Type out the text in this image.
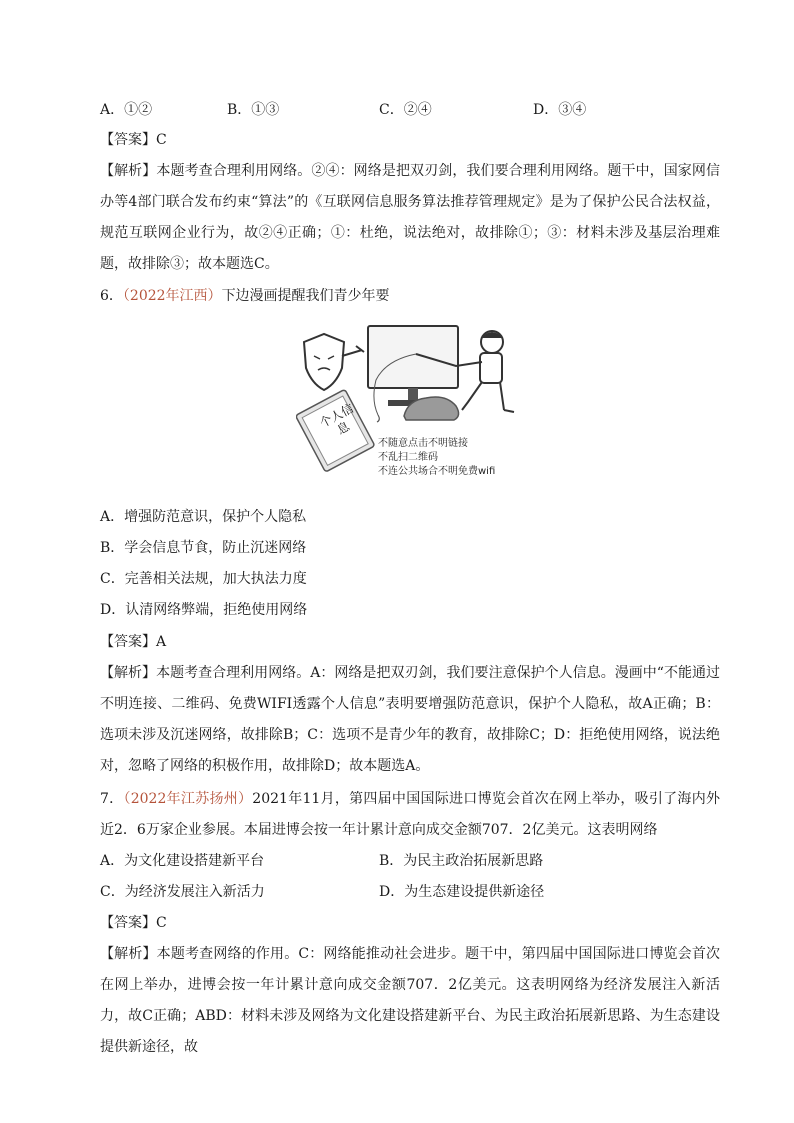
A．①②	B．①③	C．②④	D．③④
【答案】C
【解析】本题考查合理利用网络。②④：网络是把双刃剑，我们要合理利用网络。题干中，国家网信办等4部门联合发布约束“算法”的《互联网信息服务算法推荐管理规定》是为了保护公民合法权益，规范互联网企业行为，故②④正确；①：杜绝，说法绝对，故排除①；③：材料未涉及基层治理难题，故排除③；故本题选C。
6．（2022年江西）下边漫画提醒我们青少年要
不随意点击不明链接
不乱扫二维码
不连公共场合不明免费wifi
个人信息
A．增强防范意识，保护个人隐私
B．学会信息节食，防止沉迷网络
C．完善相关法规，加大执法力度
D．认清网络弊端，拒绝使用网络
【答案】A
【解析】本题考查合理利用网络。A：网络是把双刃剑，我们要注意保护个人信息。漫画中“不能通过不明连接、二维码、免费WIFI透露个人信息”表明要增强防范意识，保护个人隐私，故A正确；B：选项未涉及沉迷网络，故排除B；C：选项不是青少年的教育，故排除C；D：拒绝使用网络，说法绝对，忽略了网络的积极作用，故排除D；故本题选A。
7．（2022年江苏扬州）2021年11月，第四届中国国际进口博览会首次在网上举办，吸引了海内外近2．6万家企业参展。本届进博会按一年计累计意向成交金额707．2亿美元。这表明网络
A．为文化建设搭建新平台	B．为民主政治拓展新思路
C．为经济发展注入新活力	D．为生态建设提供新途径
【答案】C
【解析】本题考查网络的作用。C：网络能推动社会进步。题干中，第四届中国国际进口博览会首次在网上举办，进博会按一年计累计意向成交金额707．2亿美元。这表明网络为经济发展注入新活力，故C正确；ABD：材料未涉及网络为文化建设搭建新平台、为民主政治拓展新思路、为生态建设提供新途径，故
